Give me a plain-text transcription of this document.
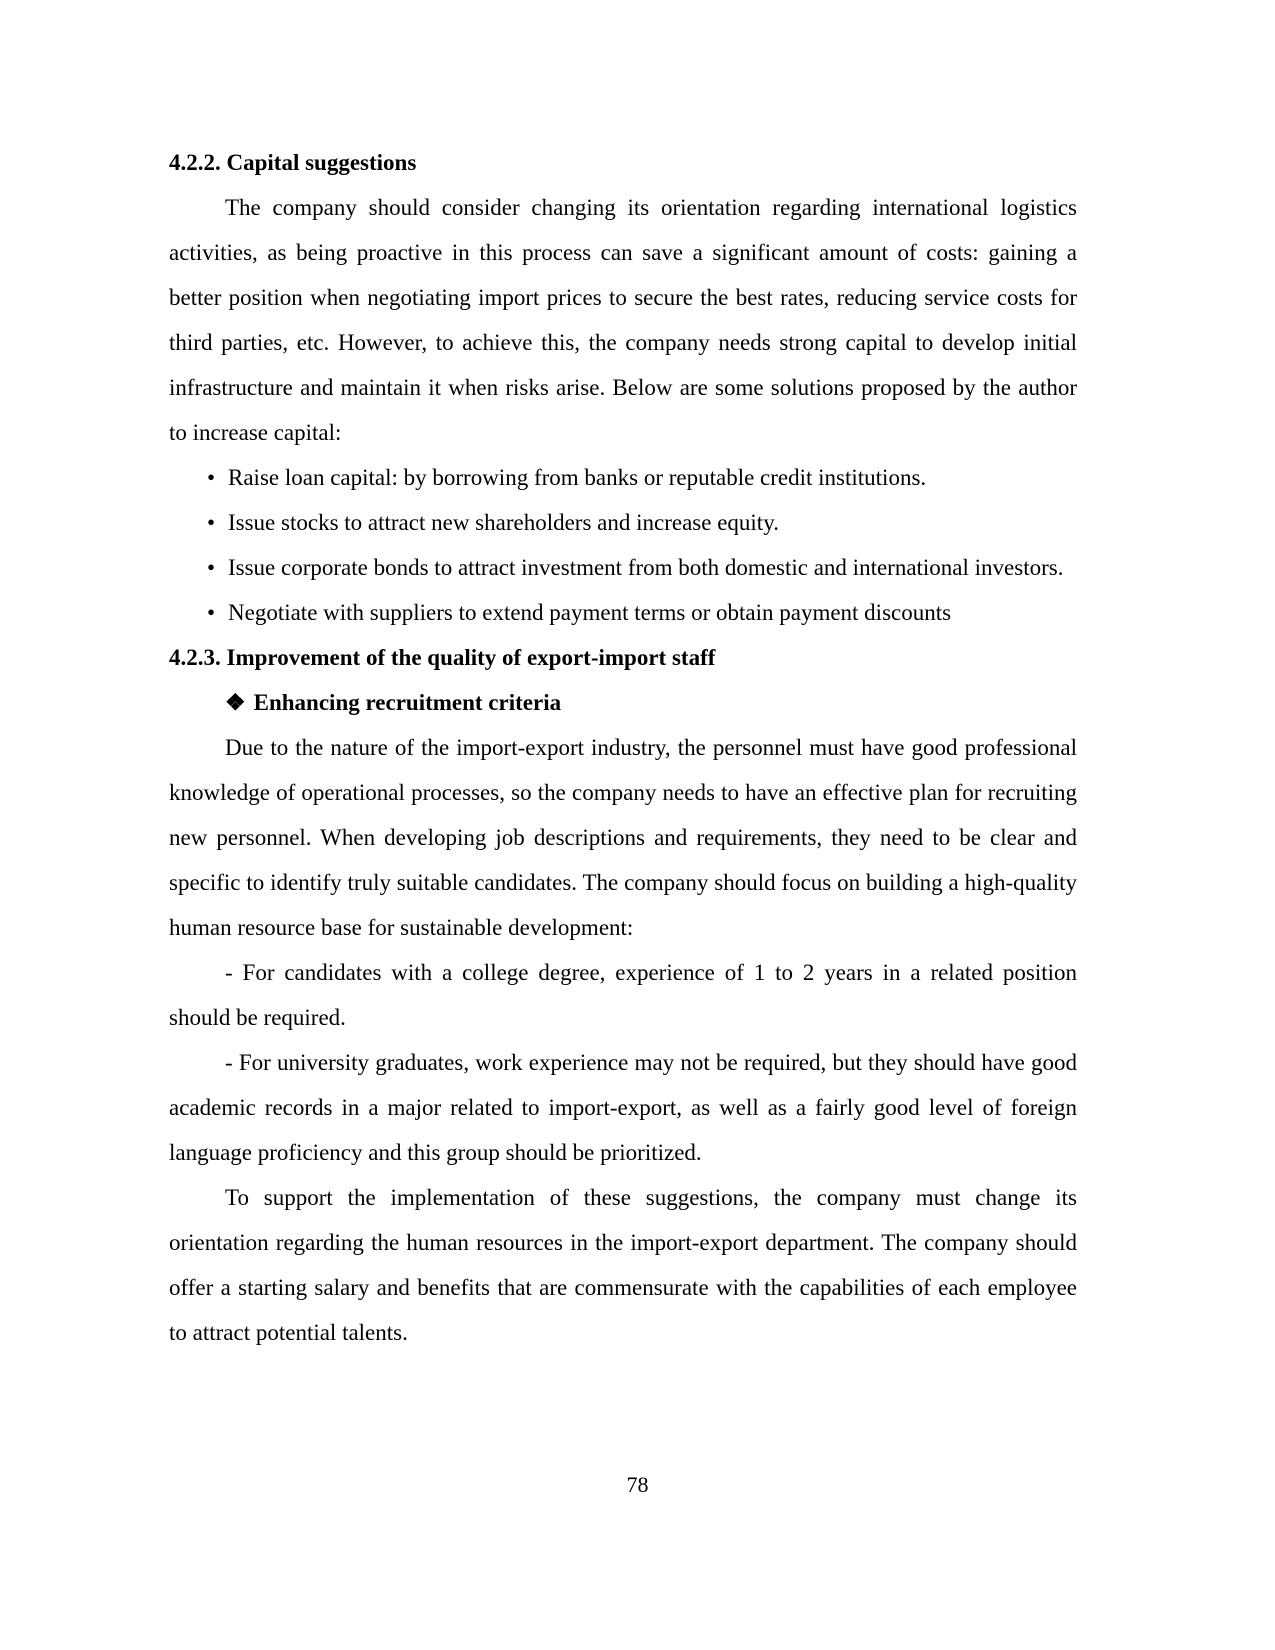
4.2.2. Capital suggestions

The company should consider changing its orientation regarding international logistics activities, as being proactive in this process can save a significant amount of costs: gaining a better position when negotiating import prices to secure the best rates, reducing service costs for third parties, etc. However, to achieve this, the company needs strong capital to develop initial infrastructure and maintain it when risks arise. Below are some solutions proposed by the author to increase capital:

• Raise loan capital: by borrowing from banks or reputable credit institutions.
• Issue stocks to attract new shareholders and increase equity.
• Issue corporate bonds to attract investment from both domestic and international investors.
• Negotiate with suppliers to extend payment terms or obtain payment discounts
4.2.3. Improvement of the quality of export-import staff

❖ Enhancing recruitment criteria

Due to the nature of the import-export industry, the personnel must have good professional knowledge of operational processes, so the company needs to have an effective plan for recruiting new personnel. When developing job descriptions and requirements, they need to be clear and specific to identify truly suitable candidates. The company should focus on building a high-quality human resource base for sustainable development:

- For candidates with a college degree, experience of 1 to 2 years in a related position should be required.

- For university graduates, work experience may not be required, but they should have good academic records in a major related to import-export, as well as a fairly good level of foreign language proficiency and this group should be prioritized.

To support the implementation of these suggestions, the company must change its orientation regarding the human resources in the import-export department. The company should offer a starting salary and benefits that are commensurate with the capabilities of each employee to attract potential talents.

78
